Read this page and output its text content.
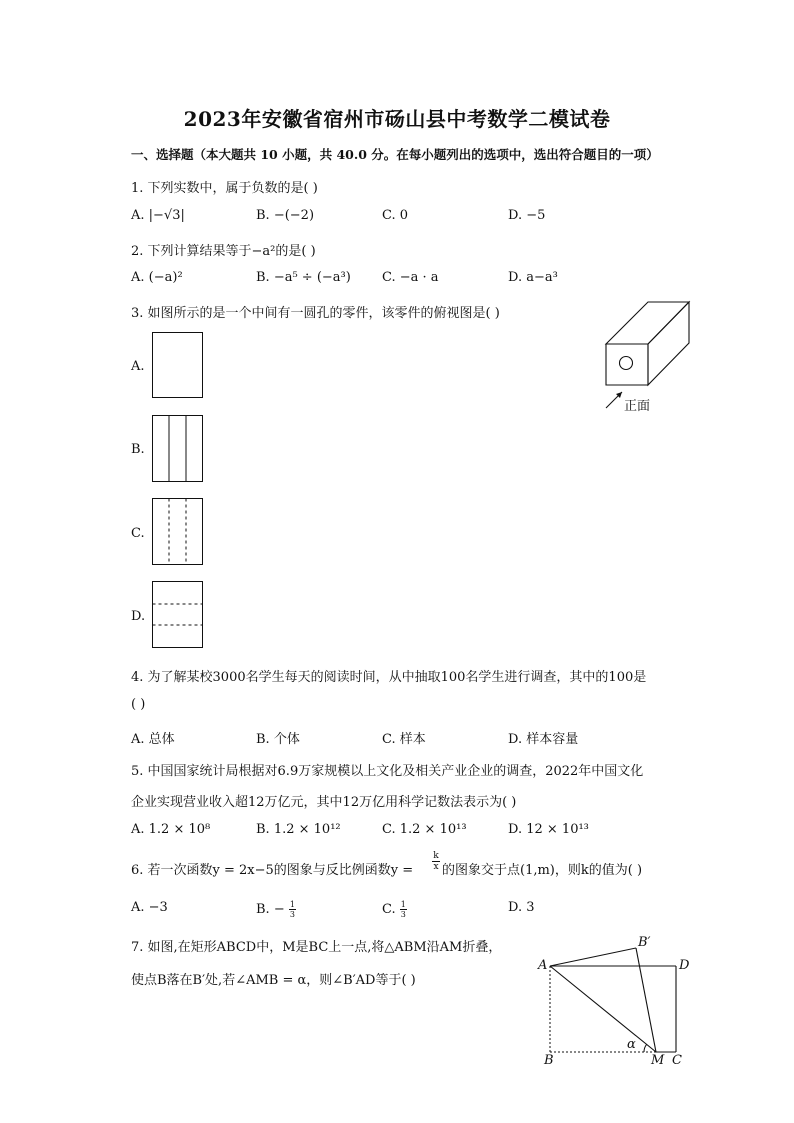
2023年安徽省宿州市砀山县中考数学二模试卷
一、选择题（本大题共 10 小题，共 40.0 分。在每小题列出的选项中，选出符合题目的一项）
1. 下列实数中，属于负数的是( )
A. |−√3|	B. −(−2)	C. 0	D. −5
2. 下列计算结果等于−a²的是( )
A. (−a)²	B. −a⁵ ÷ (−a³) C. −a · a	D. a−a³
3. 如图所示的是一个中间有一圆孔的零件，该零件的俯视图是( )
正面
A.
B.
C.
D.
4. 为了解某校3000名学生每天的阅读时间，从中抽取100名学生进行调查，其中的100是
( )
A. 总体	B. 个体	C. 样本	D. 样本容量
5. 中国国家统计局根据对6.9万家规模以上文化及相关产业企业的调查，2022年中国文化
企业实现营业收入超12万亿元，其中12万亿用科学记数法表示为( )
A. 1.2 × 10⁸	B. 1.2 × 10¹²	C. 1.2 × 10¹³	D. 12 × 10¹³
6. 若一次函数y = 2x−5的图象与反比例函数$y = \frac{k}{x}$ 的图象交于点(1,m)，则k的值为( )
A. −3	B. − $\frac{1}{3}$	C. $\frac{1}{3}$	D. 3
7. 如图,在矩形ABCD中，M是BC上一点,将△ABM沿AM折叠，
使点B落在B′处,若∠AMB = α，则∠B′AD等于( )
A	D
B	M C
B′
α
